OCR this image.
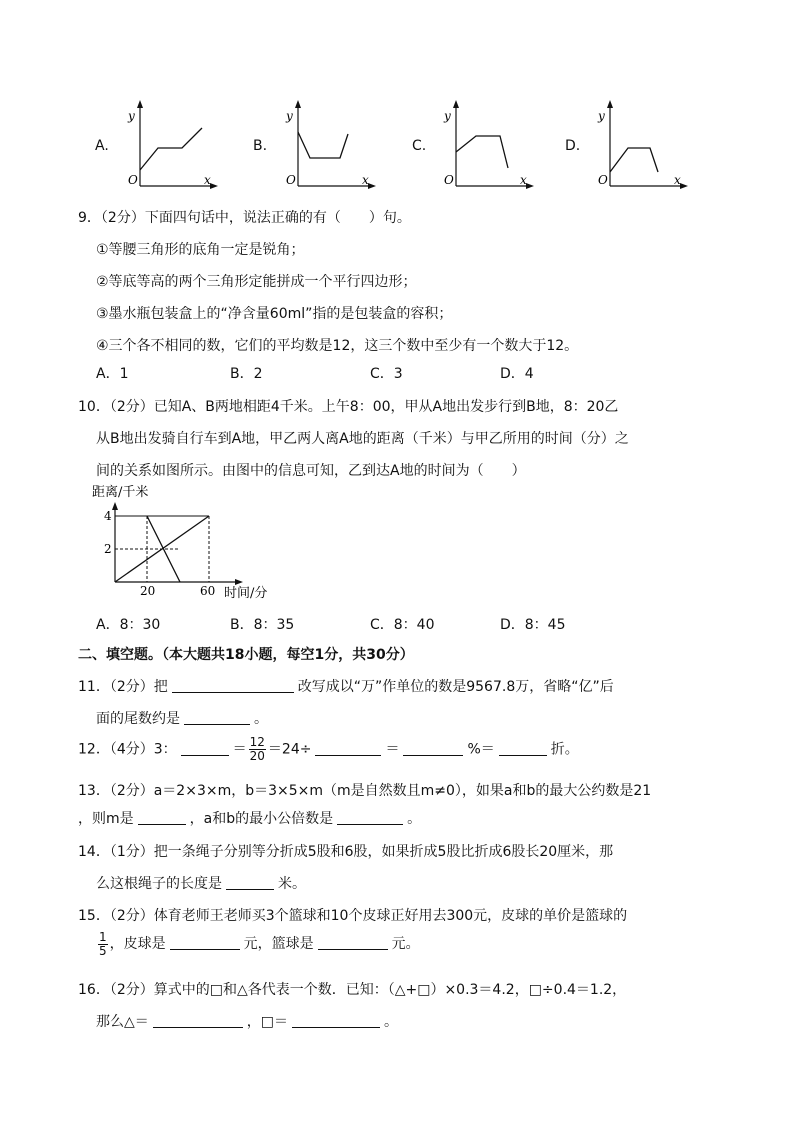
A.	B.	C.	D.
y
x
O
y
x
O
y
x
O
y
x
O
9．（2分）下面四句话中，说法正确的有（　　）句。
①等腰三角形的底角一定是锐角；
②等底等高的两个三角形定能拼成一个平行四边形；
③墨水瓶包装盒上的“净含量60ml”指的是包装盒的容积；
④三个各不相同的数，它们的平均数是12，这三个数中至少有一个数大于12。
A．1	B．2	C．3	D．4
10．（2分）已知A、B两地相距4千米。上午8：00，甲从A地出发步行到B地，8：20乙
从B地出发骑自行车到A地，甲乙两人离A地的距离（千米）与甲乙所用的时间（分）之
间的关系如图所示。由图中的信息可知，乙到达A地的时间为（　　）
距离/千米
4
2
20	60 时间/分
A．8：30	B．8：35	C．8：40	D．8：45
二、填空题。（本大题共18小题，每空1分，共30分）
11．（2分）把	改写成以“万”作单位的数是9567.8万，省略“亿”后
面的尾数约是	。
12．（4分）3：	＝ $\frac{12}{20} =24\div$	＝	%＝	折。
13．（2分）a＝2×3×m，b＝3×5×m（m是自然数且m≠0），如果a和b的最大公约数是21
，则m是	，a和b的最小公倍数是	。
14．（1分）把一条绳子分别等分折成5股和6股，如果折成5股比折成6股长20厘米，那
么这根绳子的长度是	米。
15．（2分）体育老师王老师买3个篮球和10个皮球正好用去300元，皮球的单价是篮球的
$\frac{1}{5}$ ，皮球是	元，篮球是	元。
16．（2分）算式中的□和△各代表一个数．已知：（△+□）×0.3＝4.2，□÷0.4＝1.2，
那么△＝	，□＝	。
